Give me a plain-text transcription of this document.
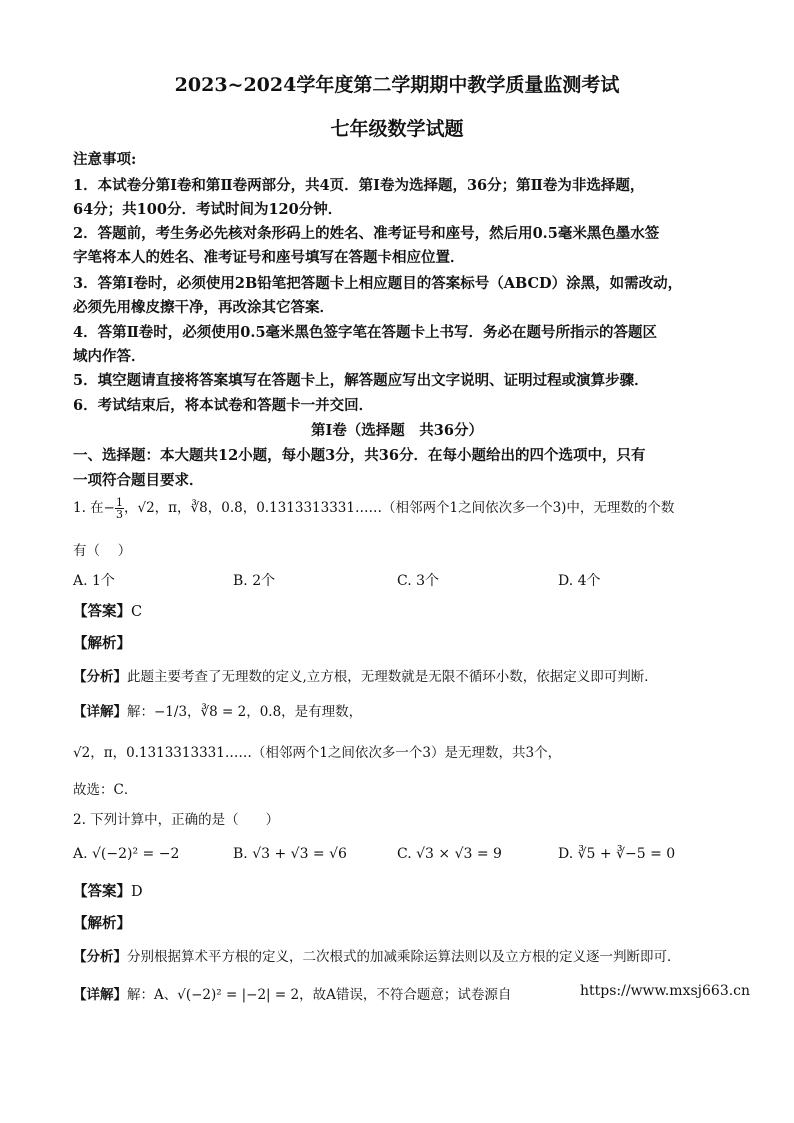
2023~2024学年度第二学期期中教学质量监测考试
七年级数学试题
注意事项:
1．本试卷分第Ⅰ卷和第Ⅱ卷两部分，共4页．第Ⅰ卷为选择题，36分；第Ⅱ卷为非选择题，
64分；共100分．考试时间为120分钟．
2．答题前，考生务必先核对条形码上的姓名、准考证号和座号，然后用0.5毫米黑色墨水签
字笔将本人的姓名、准考证号和座号填写在答题卡相应位置．
3．答第Ⅰ卷时，必须使用2B铅笔把答题卡上相应题目的答案标号（ABCD）涂黑，如需改动，
必须先用橡皮擦干净，再改涂其它答案．
4．答第Ⅱ卷时，必须使用0.5毫米黑色签字笔在答题卡上书写．务必在题号所指示的答题区
域内作答．
5．填空题请直接将答案填写在答题卡上，解答题应写出文字说明、证明过程或演算步骤．
6．考试结束后，将本试卷和答题卡一并交回．
第Ⅰ卷（选择题　共36分）
一、选择题：本大题共12小题，每小题3分，共36分．在每小题给出的四个选项中，只有
一项符合题目要求．
1. 在− $\frac{1}{3}$ ，√2，π，∛8，0.8̇，0.1313313331……（相邻两个1之间依次多一个3)中，无理数的个数
有（　 ）
A. 1个	B. 2个	C. 3个	D. 4个
【答案】C
【解析】
【分析】此题主要考查了无理数的定义,立方根，无理数就是无限不循环小数，依据定义即可判断．
【详解】解：−1/3，∛8 = 2，0.8̇，是有理数，
√2，π，0.1313313331……（相邻两个1之间依次多一个3）是无理数，共3个，
故选：C．
2. 下列计算中，正确的是（　　）
A. √(−2)² = −2	B. √3 + √3 = √6	C. √3 × √3 = 9	D. ∛5 + ∛−5 = 0
【答案】D
【解析】
【分析】分别根据算术平方根的定义，二次根式的加减乘除运算法则以及立方根的定义逐一判断即可．
【详解】解：A、√(−2)² = |−2| = 2，故A错误，不符合题意；试卷源自	https://www.mxsj663.cn
